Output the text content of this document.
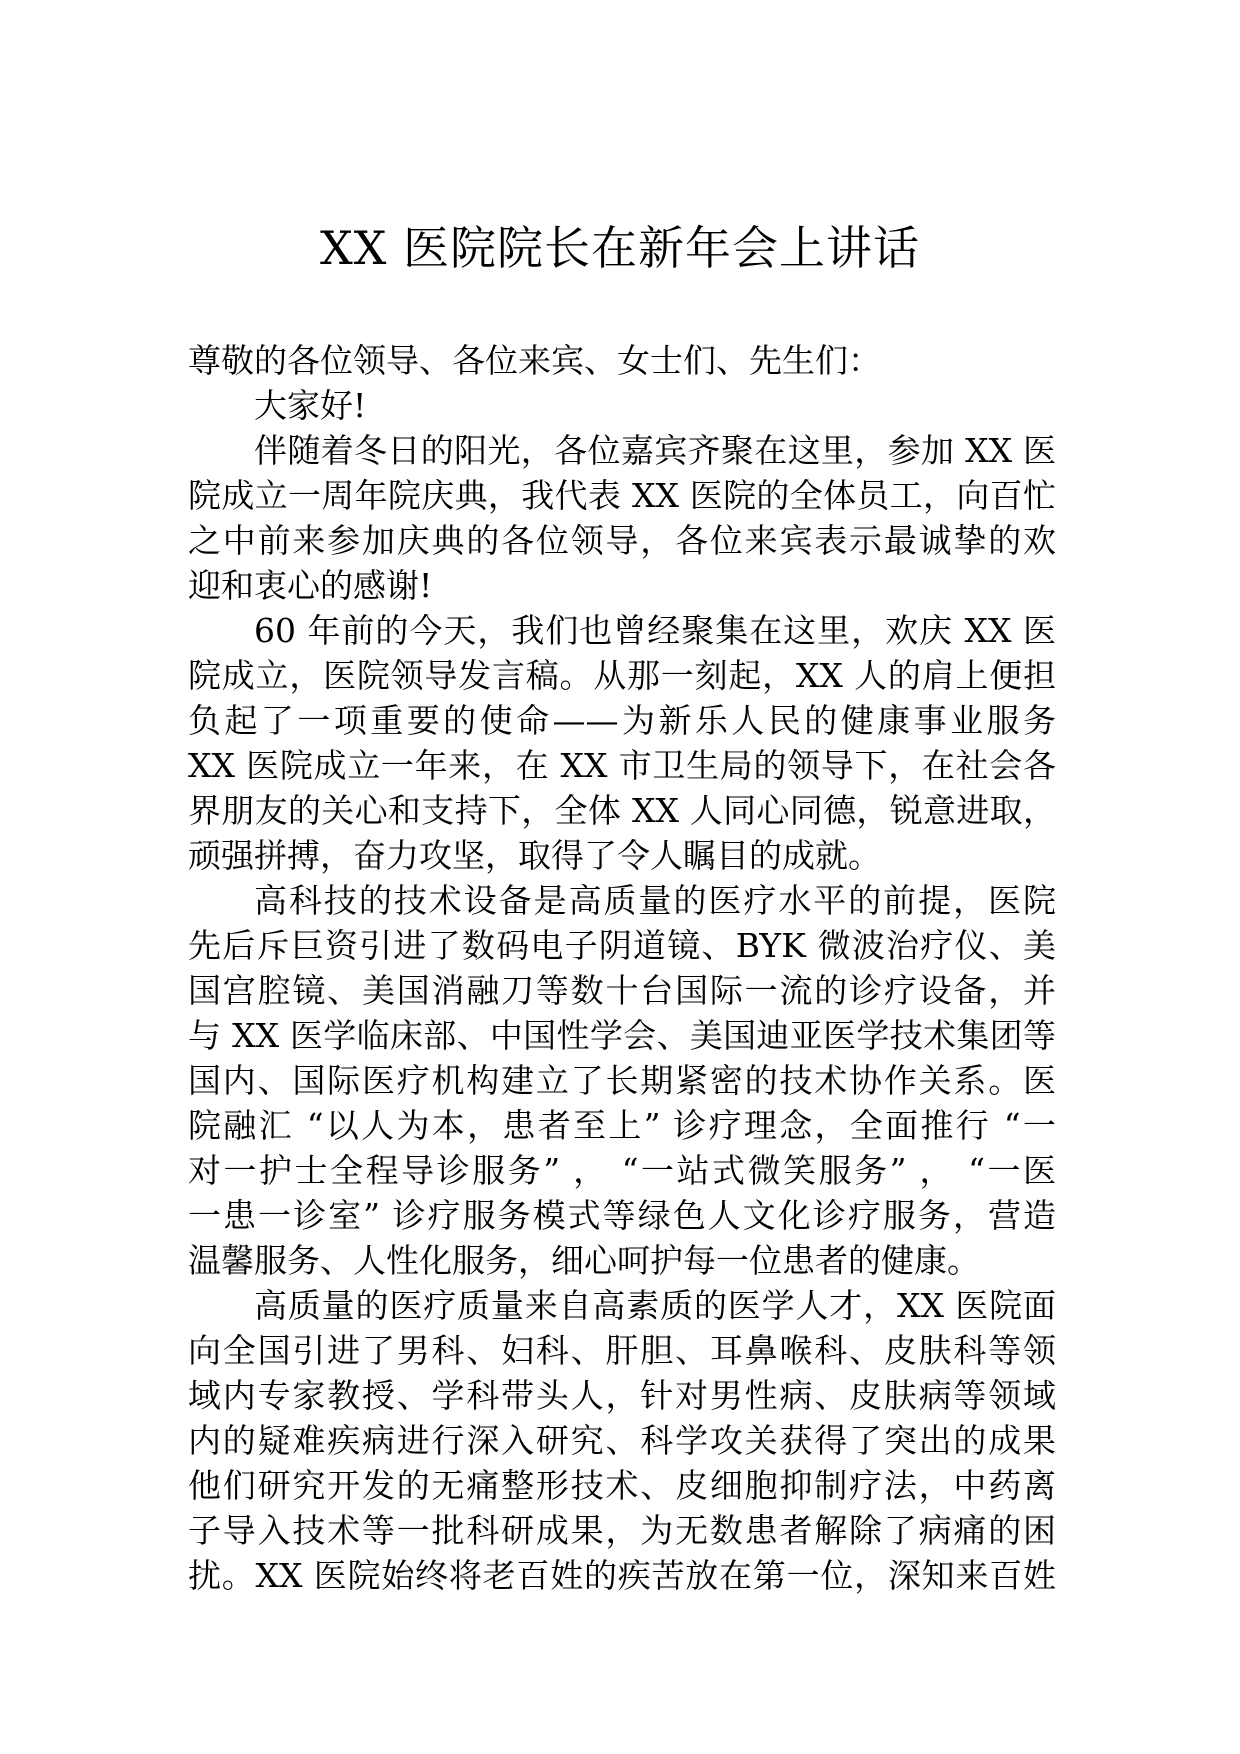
XX 医院院长在新年会上讲话

尊敬的各位领导、各位来宾、女士们、先生们：

大家好!
伴随着冬日的阳光，各位嘉宾齐聚在这里，参加 XX 医
院成立一周年院庆典，我代表 XX 医院的全体员工，向百忙
之中前来参加庆典的各位领导，各位来宾表示最诚挚的欢
迎和衷心的感谢!
60 年前的今天，我们也曾经聚集在这里，欢庆 XX 医
院成立，医院领导发言稿。从那一刻起，XX 人的肩上便担
负起了一项重要的使命——为新乐人民的健康事业服务
XX 医院成立一年来，在 XX 市卫生局的领导下，在社会各
界朋友的关心和支持下，全体 XX 人同心同德，锐意进取，
顽强拼搏，奋力攻坚，取得了令人瞩目的成就。
高科技的技术设备是高质量的医疗水平的前提，医院
先后斥巨资引进了数码电子阴道镜、BYK 微波治疗仪、美
国宫腔镜、美国消融刀等数十台国际一流的诊疗设备，并
与 XX 医学临床部、中国性学会、美国迪亚医学技术集团等
国内、国际医疗机构建立了长期紧密的技术协作关系。医
院融汇 “以人为本，患者至上” 诊疗理念，全面推行 “一
对一护士全程导诊服务” ， “一站式微笑服务” ， “一医
一患一诊室” 诊疗服务模式等绿色人文化诊疗服务，营造
温馨服务、人性化服务，细心呵护每一位患者的健康。
高质量的医疗质量来自高素质的医学人才，XX 医院面
向全国引进了男科、妇科、肝胆、耳鼻喉科、皮肤科等领
域内专家教授、学科带头人，针对男性病、皮肤病等领域
内的疑难疾病进行深入研究、科学攻关获得了突出的成果
他们研究开发的无痛整形技术、皮细胞抑制疗法，中药离
子导入技术等一批科研成果，为无数患者解除了病痛的困
扰。XX 医院始终将老百姓的疾苦放在第一位，深知来百姓
